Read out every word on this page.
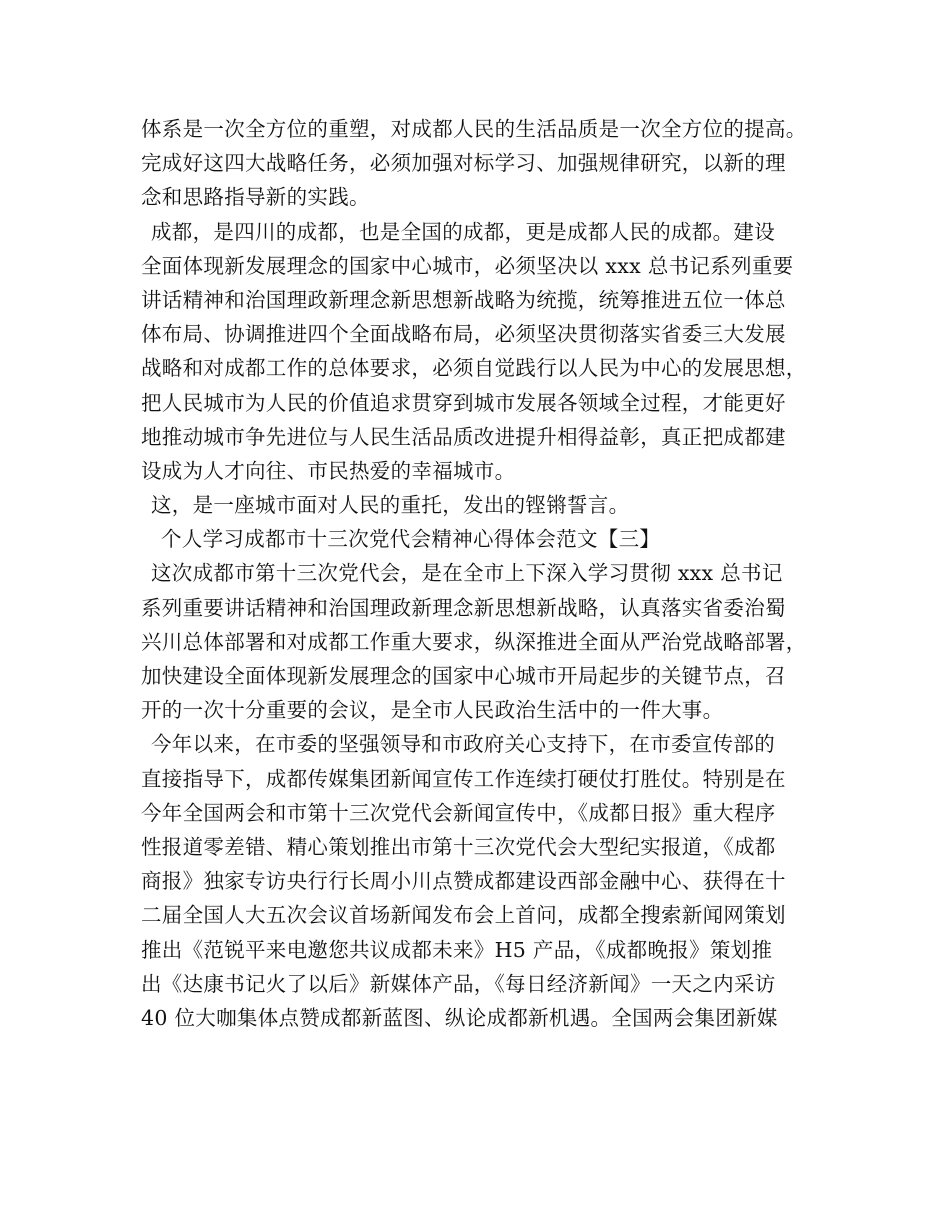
体系是一次全方位的重塑，对成都人民的生活品质是一次全方位的提高。
完成好这四大战略任务，必须加强对标学习、加强规律研究，以新的理
念和思路指导新的实践。
成都，是四川的成都，也是全国的成都，更是成都人民的成都。建设
全面体现新发展理念的国家中心城市，必须坚决以 xxx 总书记系列重要
讲话精神和治国理政新理念新思想新战略为统揽，统筹推进五位一体总
体布局、协调推进四个全面战略布局，必须坚决贯彻落实省委三大发展
战略和对成都工作的总体要求，必须自觉践行以人民为中心的发展思想，
把人民城市为人民的价值追求贯穿到城市发展各领域全过程，才能更好
地推动城市争先进位与人民生活品质改进提升相得益彰，真正把成都建
设成为人才向往、市民热爱的幸福城市。
这，是一座城市面对人民的重托，发出的铿锵誓言。
个人学习成都市十三次党代会精神心得体会范文【三】
这次成都市第十三次党代会，是在全市上下深入学习贯彻 xxx 总书记
系列重要讲话精神和治国理政新理念新思想新战略，认真落实省委治蜀
兴川总体部署和对成都工作重大要求，纵深推进全面从严治党战略部署，
加快建设全面体现新发展理念的国家中心城市开局起步的关键节点，召
开的一次十分重要的会议，是全市人民政治生活中的一件大事。
今年以来，在市委的坚强领导和市政府关心支持下，在市委宣传部的
直接指导下，成都传媒集团新闻宣传工作连续打硬仗打胜仗。特别是在
今年全国两会和市第十三次党代会新闻宣传中，《成都日报》重大程序
性报道零差错、精心策划推出市第十三次党代会大型纪实报道，《成都
商报》独家专访央行行长周小川点赞成都建设西部金融中心、获得在十
二届全国人大五次会议首场新闻发布会上首问，成都全搜索新闻网策划
推出《范锐平来电邀您共议成都未来》H5 产品，《成都晚报》策划推
出《达康书记火了以后》新媒体产品，《每日经济新闻》一天之内采访
40 位大咖集体点赞成都新蓝图、纵论成都新机遇。全国两会集团新媒
